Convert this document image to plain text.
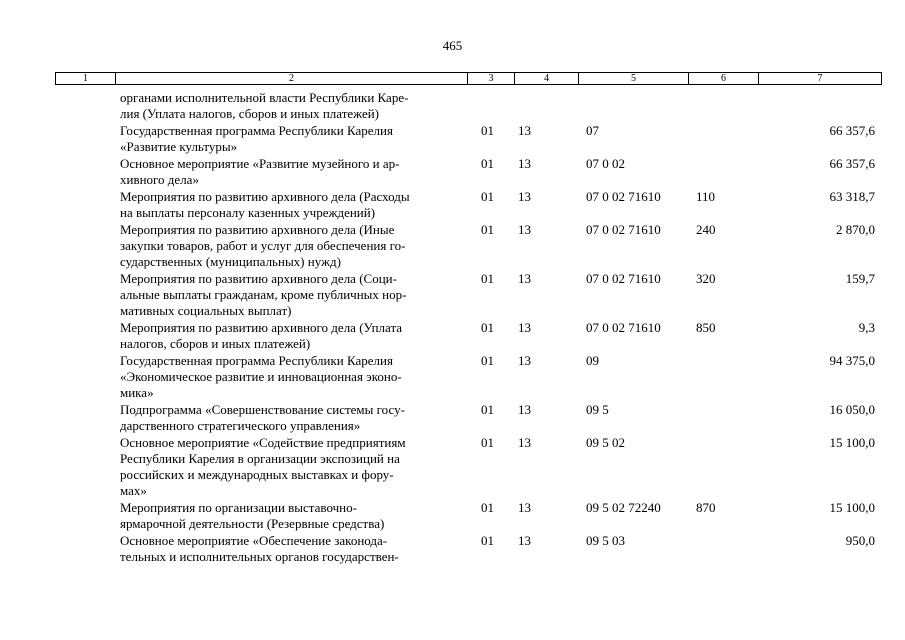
465
1	2	3	4	5	6	7
органами исполнительной власти Республики Каре-
лия (Уплата налогов, сборов и иных платежей)					

Государственная программа Республики Карелия
«Развитие культуры»	01	13	07		66 357,6

Основное мероприятие «Развитие музейного и ар-
хивного дела»	01	13	07 0 02		66 357,6

Мероприятия по развитию архивного дела (Расходы
на выплаты персоналу казенных учреждений)	01	13	07 0 02 71610	110	63 318,7

Мероприятия по развитию архивного дела (Иные
закупки товаров, работ и услуг для обеспечения го-
сударственных (муниципальных) нужд)	01	13	07 0 02 71610	240	2 870,0

Мероприятия по развитию архивного дела (Соци-
альные выплаты гражданам, кроме публичных нор-
мативных социальных выплат)	01	13	07 0 02 71610	320	159,7

Мероприятия по развитию архивного дела (Уплата
налогов, сборов и иных платежей)	01	13	07 0 02 71610	850	9,3

Государственная программа Республики Карелия
«Экономическое развитие и инновационная эконо-
мика»	01	13	09		94 375,0

Подпрограмма «Совершенствование системы госу-
дарственного стратегического управления»	01	13	09 5		16 050,0

Основное мероприятие «Содействие предприятиям
Республики Карелия в организации экспозиций на
российских и международных выставках и фору-
мах»	01	13	09 5 02		15 100,0

Мероприятия по организации выставочно-
ярмарочной деятельности (Резервные средства)	01	13	09 5 02 72240	870	15 100,0

Основное мероприятие «Обеспечение законода-
тельных и исполнительных органов государствен-	01	13	09 5 03		950,0
